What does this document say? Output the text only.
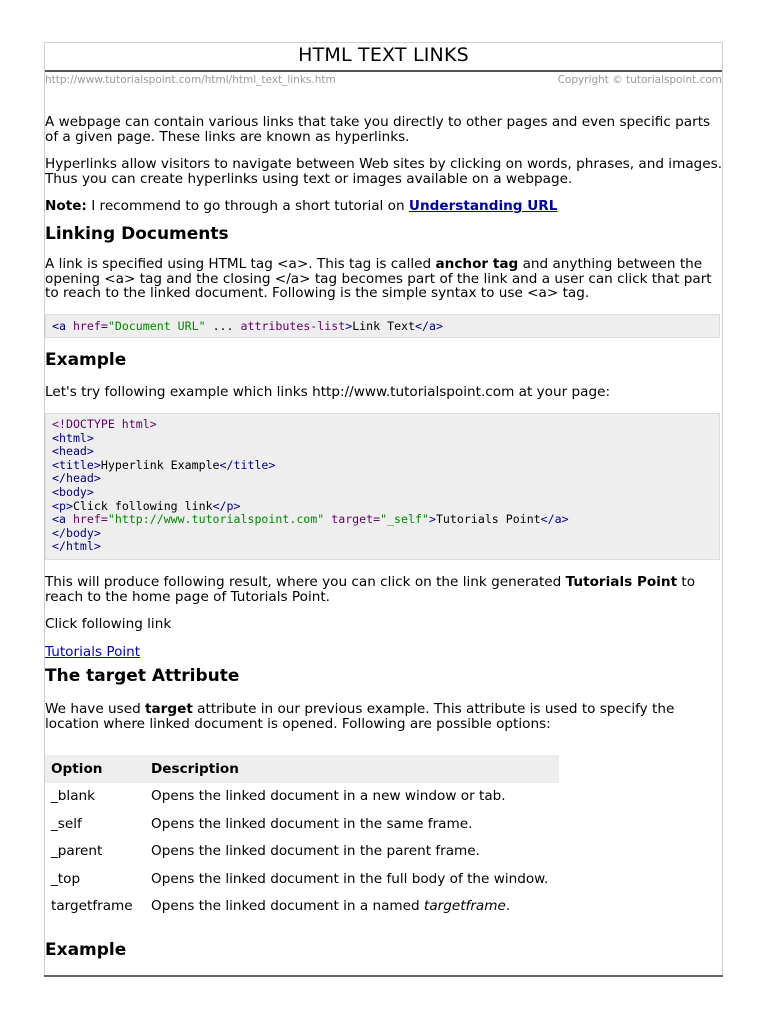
HTML TEXT LINKS
http://www.tutorialspoint.com/html/html_text_links.htm	Copyright © tutorialspoint.com

A webpage can contain various links that take you directly to other pages and even specific parts of a given page. These links are known as hyperlinks.

Hyperlinks allow visitors to navigate between Web sites by clicking on words, phrases, and images. Thus you can create hyperlinks using text or images available on a webpage.

Note: I recommend to go through a short tutorial on Understanding URL

Linking Documents

A link is specified using HTML tag <a>. This tag is called anchor tag and anything between the opening <a> tag and the closing </a> tag becomes part of the link and a user can click that part to reach to the linked document. Following is the simple syntax to use <a> tag.

<a href="Document URL" ... attributes-list>Link Text</a>
Example

Let's try following example which links http://www.tutorialspoint.com at your page:

<!DOCTYPE html>
<html>
<head>
<title>Hyperlink Example</title>
</head>
<body>
<p>Click following link</p>
<a href="http://www.tutorialspoint.com" target="_self">Tutorials Point</a>
</body>
</html>

This will produce following result, where you can click on the link generated Tutorials Point to reach to the home page of Tutorials Point.

Click following link

Tutorials Point

The target Attribute

We have used target attribute in our previous example. This attribute is used to specify the location where linked document is opened. Following are possible options:

Option	Description
_blank	Opens the linked document in a new window or tab.
_self	Opens the linked document in the same frame.
_parent	Opens the linked document in the parent frame.
_top	Opens the linked document in the full body of the window.
targetframe	Opens the linked document in a named targetframe.
Example
